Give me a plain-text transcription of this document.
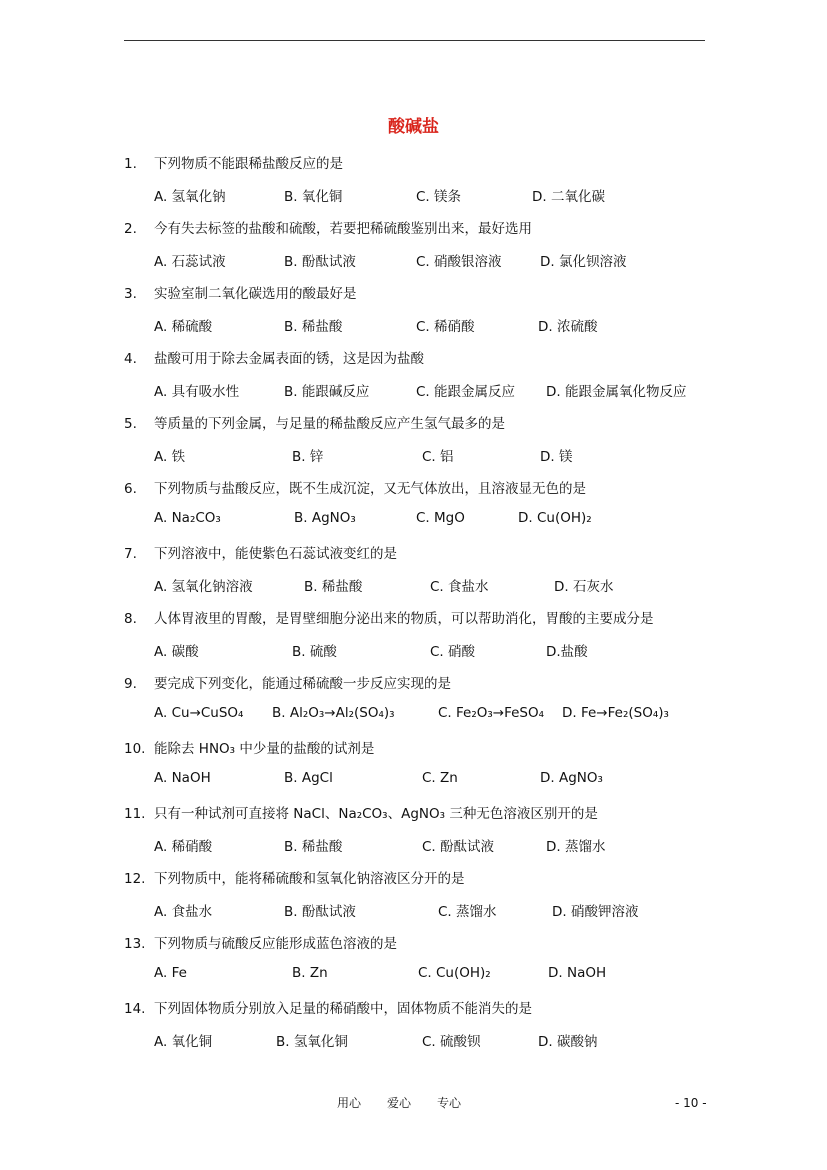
酸碱盐
1. 下列物质不能跟稀盐酸反应的是
A. 氢氧化钠	B. 氧化铜	C. 镁条	D. 二氧化碳
2. 今有失去标签的盐酸和硫酸，若要把稀硫酸鉴别出来，最好选用
A. 石蕊试液	B. 酚酞试液	C. 硝酸银溶液	D. 氯化钡溶液
3. 实验室制二氧化碳选用的酸最好是
A. 稀硫酸	B. 稀盐酸	C. 稀硝酸	D. 浓硫酸
4. 盐酸可用于除去金属表面的锈，这是因为盐酸
A. 具有吸水性	B. 能跟碱反应	C. 能跟金属反应 D. 能跟金属氧化物反应
5. 等质量的下列金属，与足量的稀盐酸反应产生氢气最多的是
A. 铁	B. 锌	C. 铝	D. 镁
6. 下列物质与盐酸反应，既不生成沉淀，又无气体放出，且溶液显无色的是
A. Na₂CO₃	B. AgNO₃	C. MgO	D. Cu(OH)₂
7. 下列溶液中，能使紫色石蕊试液变红的是
A. 氢氧化钠溶液	B. 稀盐酸	C. 食盐水	D. 石灰水
8. 人体胃液里的胃酸，是胃壁细胞分泌出来的物质，可以帮助消化，胃酸的主要成分是
A. 碳酸	B. 硫酸	C. 硝酸	D.盐酸
9. 要完成下列变化，能通过稀硫酸一步反应实现的是
A. Cu→CuSO₄ B. Al₂O₃→Al₂(SO₄)₃	C. Fe₂O₃→FeSO₄ D. Fe→Fe₂(SO₄)₃
10. 能除去 HNO₃ 中少量的盐酸的试剂是
A. NaOH	B. AgCl	C. Zn	D. AgNO₃
11. 只有一种试剂可直接将 NaCl、Na₂CO₃、AgNO₃ 三种无色溶液区别开的是
A. 稀硝酸	B. 稀盐酸	C. 酚酞试液	D. 蒸馏水
12. 下列物质中，能将稀硫酸和氢氧化钠溶液区分开的是
A. 食盐水	B. 酚酞试液	C. 蒸馏水	D. 硝酸钾溶液
13. 下列物质与硫酸反应能形成蓝色溶液的是
A. Fe	B. Zn	C. Cu(OH)₂	D. NaOH
14. 下列固体物质分别放入足量的稀硝酸中，固体物质不能消失的是
A. 氧化铜	B. 氢氧化铜	C. 硫酸钡	D. 碳酸钠
用心 爱心 专心	- 10 -
